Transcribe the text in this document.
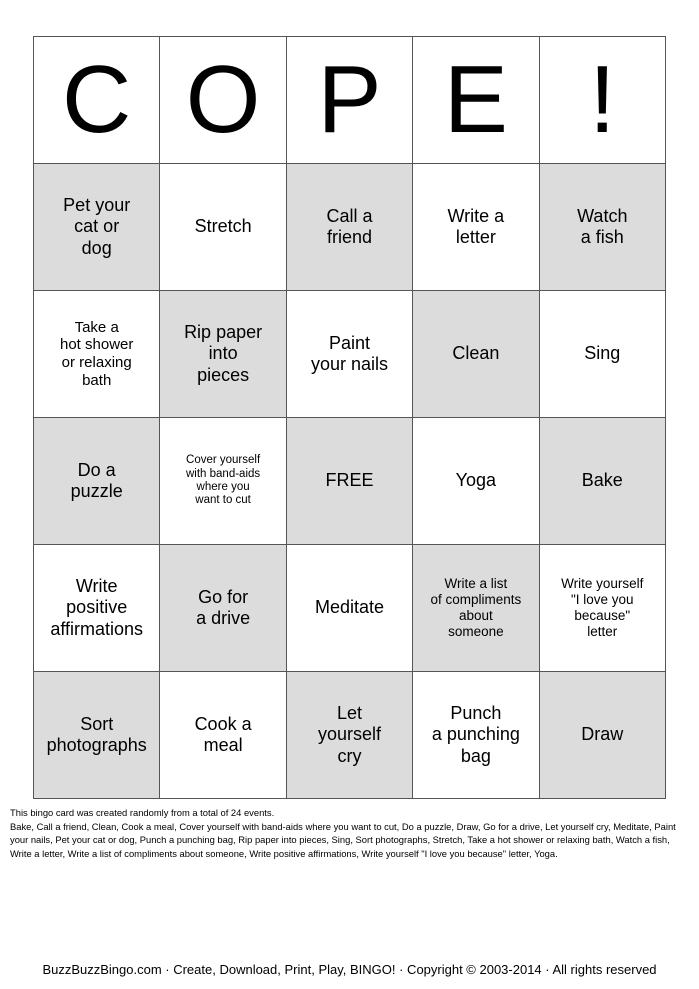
C	O	P	E	!

Pet your
cat or
dog	Stretch	Call a
friend	Write a
letter	Watch
a fish

Take a
hot shower
or relaxing
bath	Rip paper
into
pieces	Paint
your nails	Clean	Sing

Do a
puzzle	Cover yourself
with band-aids
where you
want to cut	FREE	Yoga	Bake

Write
positive
affirmations	Go for
a drive	Meditate	Write a list
of compliments
about
someone	Write yourself
"I love you
because"
letter

Sort
photographs	Cook a
meal	Let
yourself
cry	Punch
a punching
bag	Draw

This bingo card was created randomly from a total of 24 events.

Bake, Call a friend, Clean, Cook a meal, Cover yourself with band-aids where you want to cut, Do a puzzle, Draw, Go for a drive, Let yourself cry, Meditate, Paint your nails, Pet your cat or dog, Punch a punching bag, Rip paper into pieces, Sing, Sort photographs, Stretch, Take a hot shower or relaxing bath, Watch a fish, Write a letter, Write a list of compliments about someone, Write positive affirmations, Write yourself "I love you because" letter, Yoga.

BuzzBuzzBingo.com · Create, Download, Print, Play, BINGO! · Copyright © 2003-2014 · All rights reserved
